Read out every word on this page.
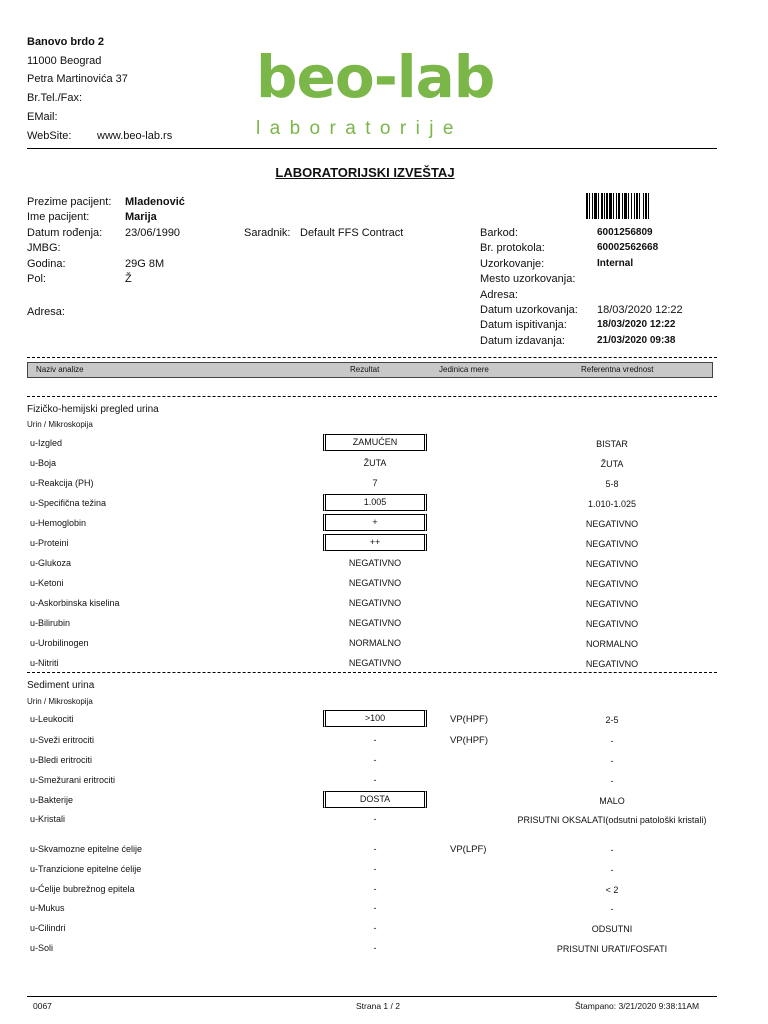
Banovo brdo 2
11000 Beograd
Petra Martinovića 37
Br.Tel./Fax:
EMail:
WebSite: www.beo-lab.rs
beo-lab
laboratorije
LABORATORIJSKI IZVEŠTAJ
Prezime pacijent: Mladenović
Ime pacijent:	Marija
Datum rođenja: 23/06/1990
JMBG:
Godina:	29G 8M
Pol:	Ž
Adresa:
Saradnik: Default FFS Contract	Barkod:	6001256809
Br. protokola:	60002562668
Uzorkovanje:	Internal
Mesto uzorkovanja:
Adresa:
Datum uzorkovanja: 18/03/2020 12:22
Datum ispitivanja:	18/03/2020 12:22
Datum izdavanja:	21/03/2020 09:38
Naziv analize	Rezultat	Jedinica mere	Referentna vrednost
Fizičko-hemijski pregled urina
Urin / Mikroskopija
u-Izgled	ZAMUĆEN	BISTAR
u-Boja	ŽUTA	ŽUTA
u-Reakcija (PH)	7	5-8
u-Specifična težina	1.005	1.010-1.025
u-Hemoglobin	+	NEGATIVNO
u-Proteini	++	NEGATIVNO
u-Glukoza	NEGATIVNO	NEGATIVNO
u-Ketoni	NEGATIVNO	NEGATIVNO
u-Askorbinska kiselina	NEGATIVNO	NEGATIVNO
u-Bilirubin	NEGATIVNO	NEGATIVNO
u-Urobilinogen	NORMALNO	NORMALNO
u-Nitriti	NEGATIVNO	NEGATIVNO
Sediment urina
Urin / Mikroskopija
u-Leukociti	>100	VP(HPF)	2-5
u-Sveži eritrociti	-	VP(HPF)	-
u-Bledi eritrociti	-	-
u-Smežurani eritrociti	-	-
u-Bakterije	DOSTA	MALO
u-Kristali	-	PRISUTNI OKSALATI(odsutni patološki kristali)
u-Skvamozne epitelne ćelije	-	VP(LPF)	-
u-Tranzicione epitelne ćelije	-	-
u-Ćelije bubrežnog epitela	-	< 2
u-Mukus	-	-
u-Cilindri	-	ODSUTNI
u-Soli	-	PRISUTNI URATI/FOSFATI
0067	Strana 1 / 2	Štampano: 3/21/2020 9:38:11AM
